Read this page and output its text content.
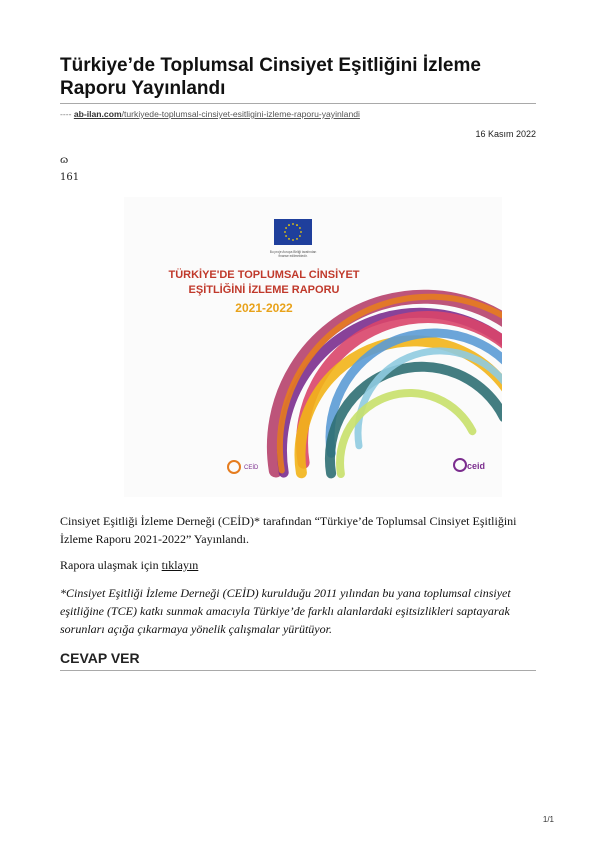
Türkiye’de Toplumsal Cinsiyet Eşitliğini İzleme Raporu Yayınlandı
---- ab-ilan.com/turkiyede-toplumsal-cinsiyet-esitligini-izleme-raporu-yayinlandi
16 Kasım 2022
ɷ
161
Bu proje Avrupa Birliği tarafından
finanse edilmektedir.
TÜRKİYE'DE TOPLUMSAL CİNSİYET
EŞİTLİĞİNİ İZLEME RAPORU
2021-2022
CEİD	ceid
Cinsiyet Eşitliği İzleme Derneği (CEİD)* tarafından “Türkiye’de Toplumsal Cinsiyet Eşitliğini İzleme Raporu 2021-2022” Yayınlandı.
Rapora ulaşmak için tıklayın
*Cinsiyet Eşitliği İzleme Derneği (CEİD) kurulduğu 2011 yılından bu yana toplumsal cinsiyet eşitliğine (TCE) katkı sunmak amacıyla Türkiye’de farklı alanlardaki eşitsizlikleri saptayarak sorunları açığa çıkarmaya yönelik çalışmalar yürütüyor.
CEVAP VER
1/1
